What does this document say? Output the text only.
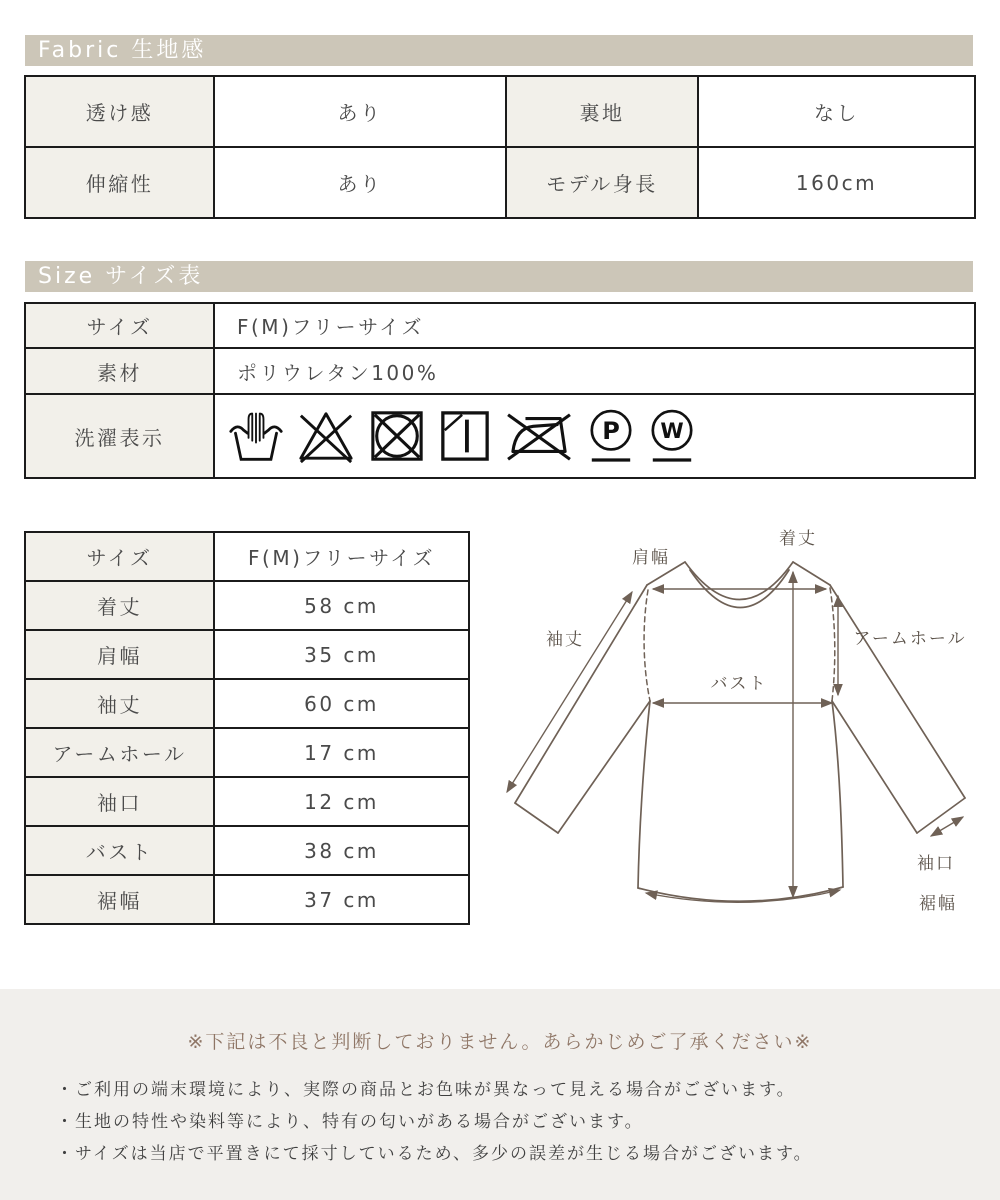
Fabric 生地感
透け感	あり	裏地	なし
伸縮性	あり	モデル身長	160cm
Size サイズ表
サイズ	F(M)フリーサイズ
素材	ポリウレタン100%
洗濯表示	P W
サイズ	F(M)フリーサイズ
着丈	58 cm
肩幅	35 cm
袖丈	60 cm
アームホール	17 cm
袖口	12 cm
バスト	38 cm
裾幅	37 cm
着丈
肩幅
袖丈	アームホール
バスト
袖口
裾幅
※下記は不良と判断しておりません。あらかじめご了承ください※
・ご利用の端末環境により、実際の商品とお色味が異なって見える場合がございます。
・生地の特性や染料等により、特有の匂いがある場合がございます。
・サイズは当店で平置きにて採寸しているため、多少の誤差が生じる場合がございます。
